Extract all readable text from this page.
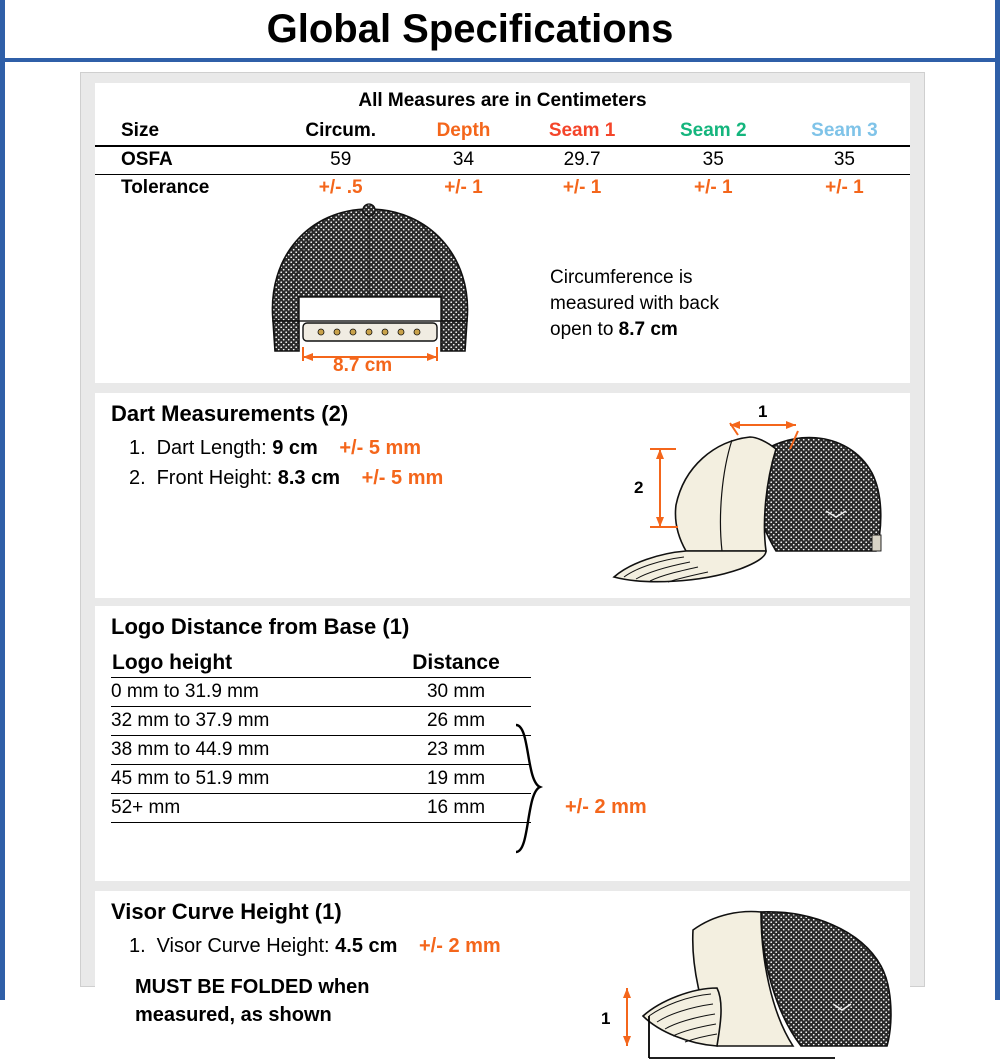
Global Specifications
All Measures are in Centimeters
Size	Circum.	Depth	Seam 1	Seam 2	Seam 3
OSFA	59	34	29.7	35	35
Tolerance	+/- .5	+/- 1	+/- 1	+/- 1	+/- 1
8.7 cm
Circumference is
measured with back
open to 8.7 cm
Dart Measurements (2)
1. Dart Length: 9 cm +/- 5 mm
2. Front Height: 8.3 cm +/- 5 mm
1
2
Logo Distance from Base (1)
Logo height	Distance
0 mm to 31.9 mm	30 mm
32 mm to 37.9 mm	26 mm
38 mm to 44.9 mm	23 mm
45 mm to 51.9 mm	19 mm
52+ mm	16 mm	+/- 2 mm
Visor Curve Height (1)
1. Visor Curve Height: 4.5 cm +/- 2 mm
MUST BE FOLDED when
measured, as shown	1
